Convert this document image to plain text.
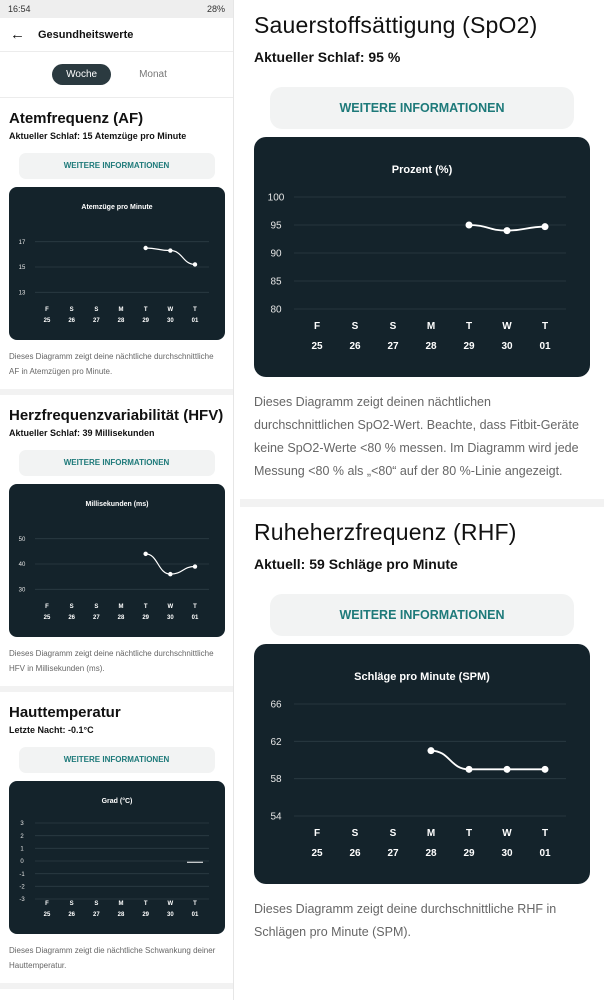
16:54	28%
←	Gesundheitswerte
Woche	Monat
Atemfrequenz (AF)
Aktueller Schlaf: 15 Atemzüge pro Minute
WEITERE INFORMATIONEN
Atemzüge pro Minute
13
15
17
F
25
S
26
S
27
M
28
T
29
W
30
T
01
Dieses Diagramm zeigt deine nächtliche durchschnittliche AF in Atemzügen pro Minute.
Herzfrequenzvariabilität (HFV)
Aktueller Schlaf: 39 Millisekunden
WEITERE INFORMATIONEN
Millisekunden (ms)
30
40
50
F
25
S
26
S
27
M
28
T
29
W
30
T
01
Dieses Diagramm zeigt deine nächtliche durchschnittliche HFV in Millisekunden (ms).
Hauttemperatur
Letzte Nacht: -0.1°C
WEITERE INFORMATIONEN
Grad (°C)
3
2
1
0
-1
-2
-3
F
25
S
26
S
27
M
28
T
29
W
30
T
01
Dieses Diagramm zeigt die nächtliche Schwankung deiner Hauttemperatur.
Sauerstoffsättigung (SpO2)
Aktueller Schlaf: 95 %
WEITERE INFORMATIONEN
Prozent (%)
100
95
90
85
80
F
25
S
26
S
27
M
28
T
29
W
30
T
01
Dieses Diagramm zeigt deinen nächtlichen durchschnittlichen SpO2-Wert. Beachte, dass Fitbit-Geräte keine SpO2-Werte <80 % messen. Im Diagramm wird jede Messung <80 % als „<80“ auf der 80 %-Linie angezeigt.
Ruheherzfrequenz (RHF)
Aktuell: 59 Schläge pro Minute
WEITERE INFORMATIONEN
Schläge pro Minute (SPM)
66
62
58
54
F
25
S
26
S
27
M
28
T
29
W
30
T
01
Dieses Diagramm zeigt deine durchschnittliche RHF in Schlägen pro Minute (SPM).
